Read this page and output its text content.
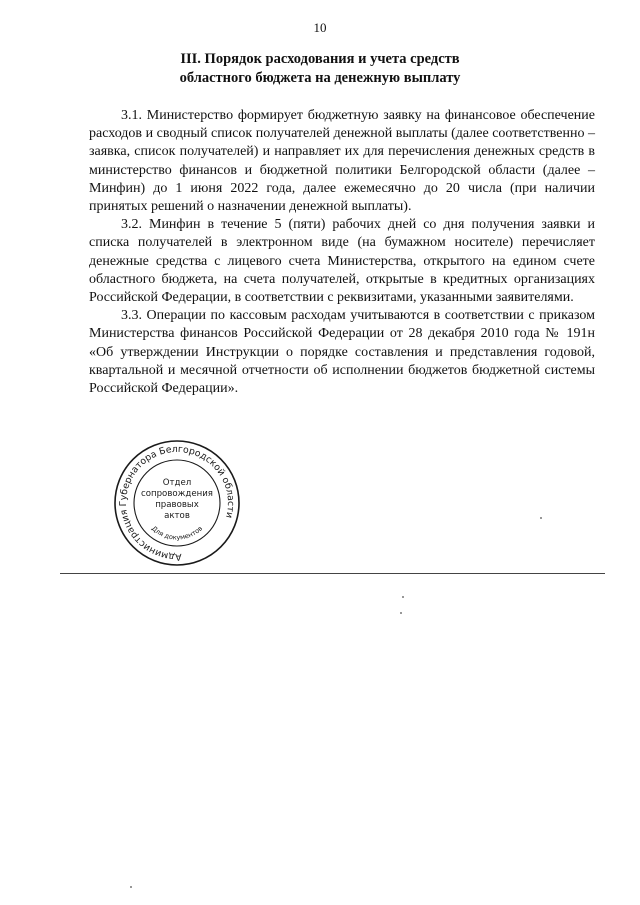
10
III. Порядок расходования и учета средств
областного бюджета на денежную выплату

3.1. Министерство формирует бюджетную заявку на финансовое обеспечение расходов и сводный список получателей денежной выплаты (далее соответственно – заявка, список получателей) и направляет их для перечисления денежных средств в министерство финансов и бюджетной политики Белгородской области (далее – Минфин) до 1 июня 2022 года, далее ежемесячно до 20 числа (при наличии принятых решений о назначении денежной выплаты).

3.2. Минфин в течение 5 (пяти) рабочих дней со дня получения заявки и списка получателей в электронном виде (на бумажном носителе) перечисляет денежные средства с лицевого счета Министерства, открытого на едином счете областного бюджета, на счета получателей, открытые в кредитных организациях Российской Федерации, в соответствии с реквизитами, указанными заявителями.

3.3. Операции по кассовым расходам учитываются в соответствии с приказом Министерства финансов Российской Федерации от 28 декабря 2010 года № 191н «Об утверждении Инструкции о порядке составления и представления годовой, квартальной и месячной отчетности об исполнении бюджетов бюджетной системы Российской Федерации».

Администрация Губернатора Белгородской области
Отдел
сопровождения
правовых
актов
Для документов
